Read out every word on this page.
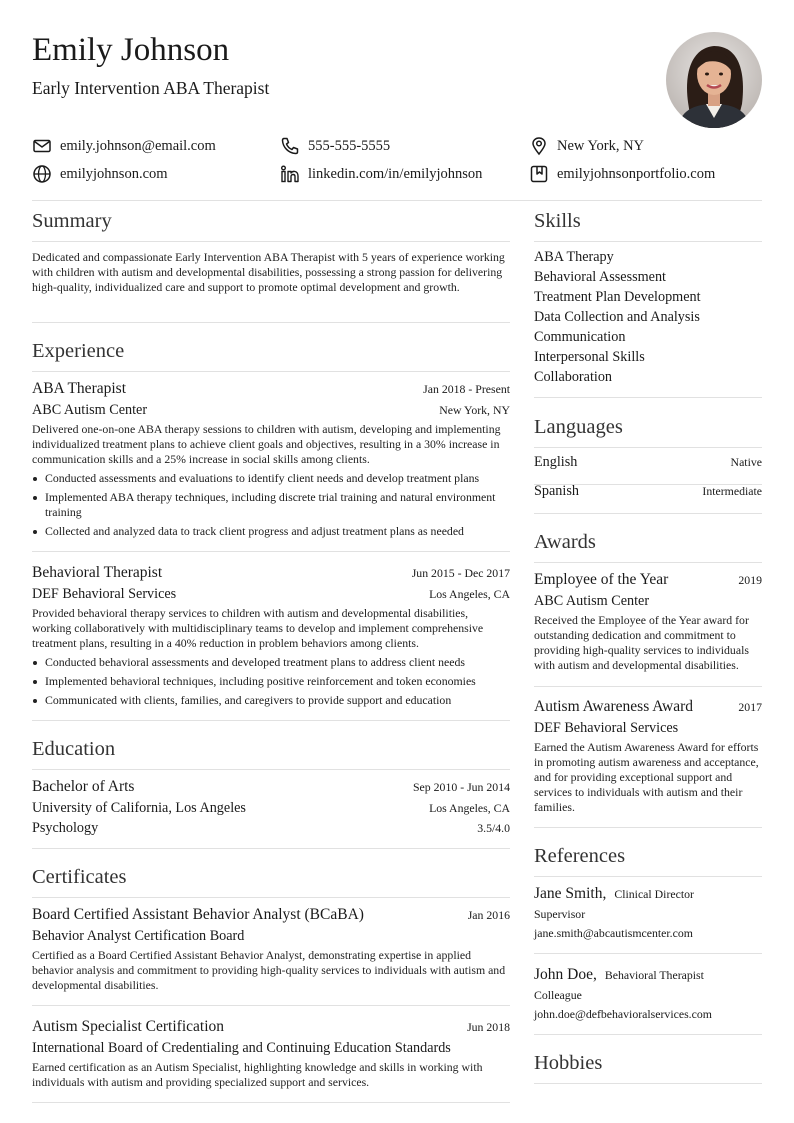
Emily Johnson
Early Intervention ABA Therapist
emily.johnson@email.com	555-555-5555	New York, NY
emilyjohnson.com	linkedin.com/in/emilyjohnson	emilyjohnsonportfolio.com
Summary

Dedicated and compassionate Early Intervention ABA Therapist with 5 years of experience working with children with autism and developmental disabilities, possessing a strong passion for delivering high-quality, individualized care and support to promote optimal development and growth.

Experience
ABA Therapist	Jan 2018 - Present
ABC Autism Center	New York, NY

Delivered one-on-one ABA therapy sessions to children with autism, developing and implementing individualized treatment plans to achieve client goals and objectives, resulting in a 30% increase in communication skills and a 25% increase in social skills among clients.

Conducted assessments and evaluations to identify client needs and develop treatment plans
Implemented ABA therapy techniques, including discrete trial training and natural environment training
Collected and analyzed data to track client progress and adjust treatment plans as needed
Behavioral Therapist	Jun 2015 - Dec 2017
DEF Behavioral Services	Los Angeles, CA

Provided behavioral therapy services to children with autism and developmental disabilities, working collaboratively with multidisciplinary teams to develop and implement comprehensive treatment plans, resulting in a 40% reduction in problem behaviors among clients.

Conducted behavioral assessments and developed treatment plans to address client needs
Implemented behavioral techniques, including positive reinforcement and token economies
Communicated with clients, families, and caregivers to provide support and education
Education
Bachelor of Arts	Sep 2010 - Jun 2014
University of California, Los Angeles	Los Angeles, CA
Psychology	3.5/4.0
Certificates
Board Certified Assistant Behavior Analyst (BCaBA)	Jan 2016
Behavior Analyst Certification Board

Certified as a Board Certified Assistant Behavior Analyst, demonstrating expertise in applied behavior analysis and commitment to providing high-quality services to individuals with autism and developmental disabilities.

Autism Specialist Certification	Jun 2018
International Board of Credentialing and Continuing Education Standards

Earned certification as an Autism Specialist, highlighting knowledge and skills in working with individuals with autism and providing specialized support and services.

Skills
ABA Therapy
Behavioral Assessment
Treatment Plan Development
Data Collection and Analysis
Communication
Interpersonal Skills
Collaboration
Languages
English	Native
Spanish	Intermediate
Awards
Employee of the Year	2019
ABC Autism Center

Received the Employee of the Year award for outstanding dedication and commitment to providing high-quality services to individuals with autism and developmental disabilities.

Autism Awareness Award	2017
DEF Behavioral Services

Earned the Autism Awareness Award for efforts in promoting autism awareness and acceptance, and for providing exceptional support and services to individuals with autism and their families.

References
Jane Smith, Clinical Director
Supervisor
jane.smith@abcautismcenter.com
John Doe, Behavioral Therapist
Colleague
john.doe@defbehavioralservices.com
Hobbies
